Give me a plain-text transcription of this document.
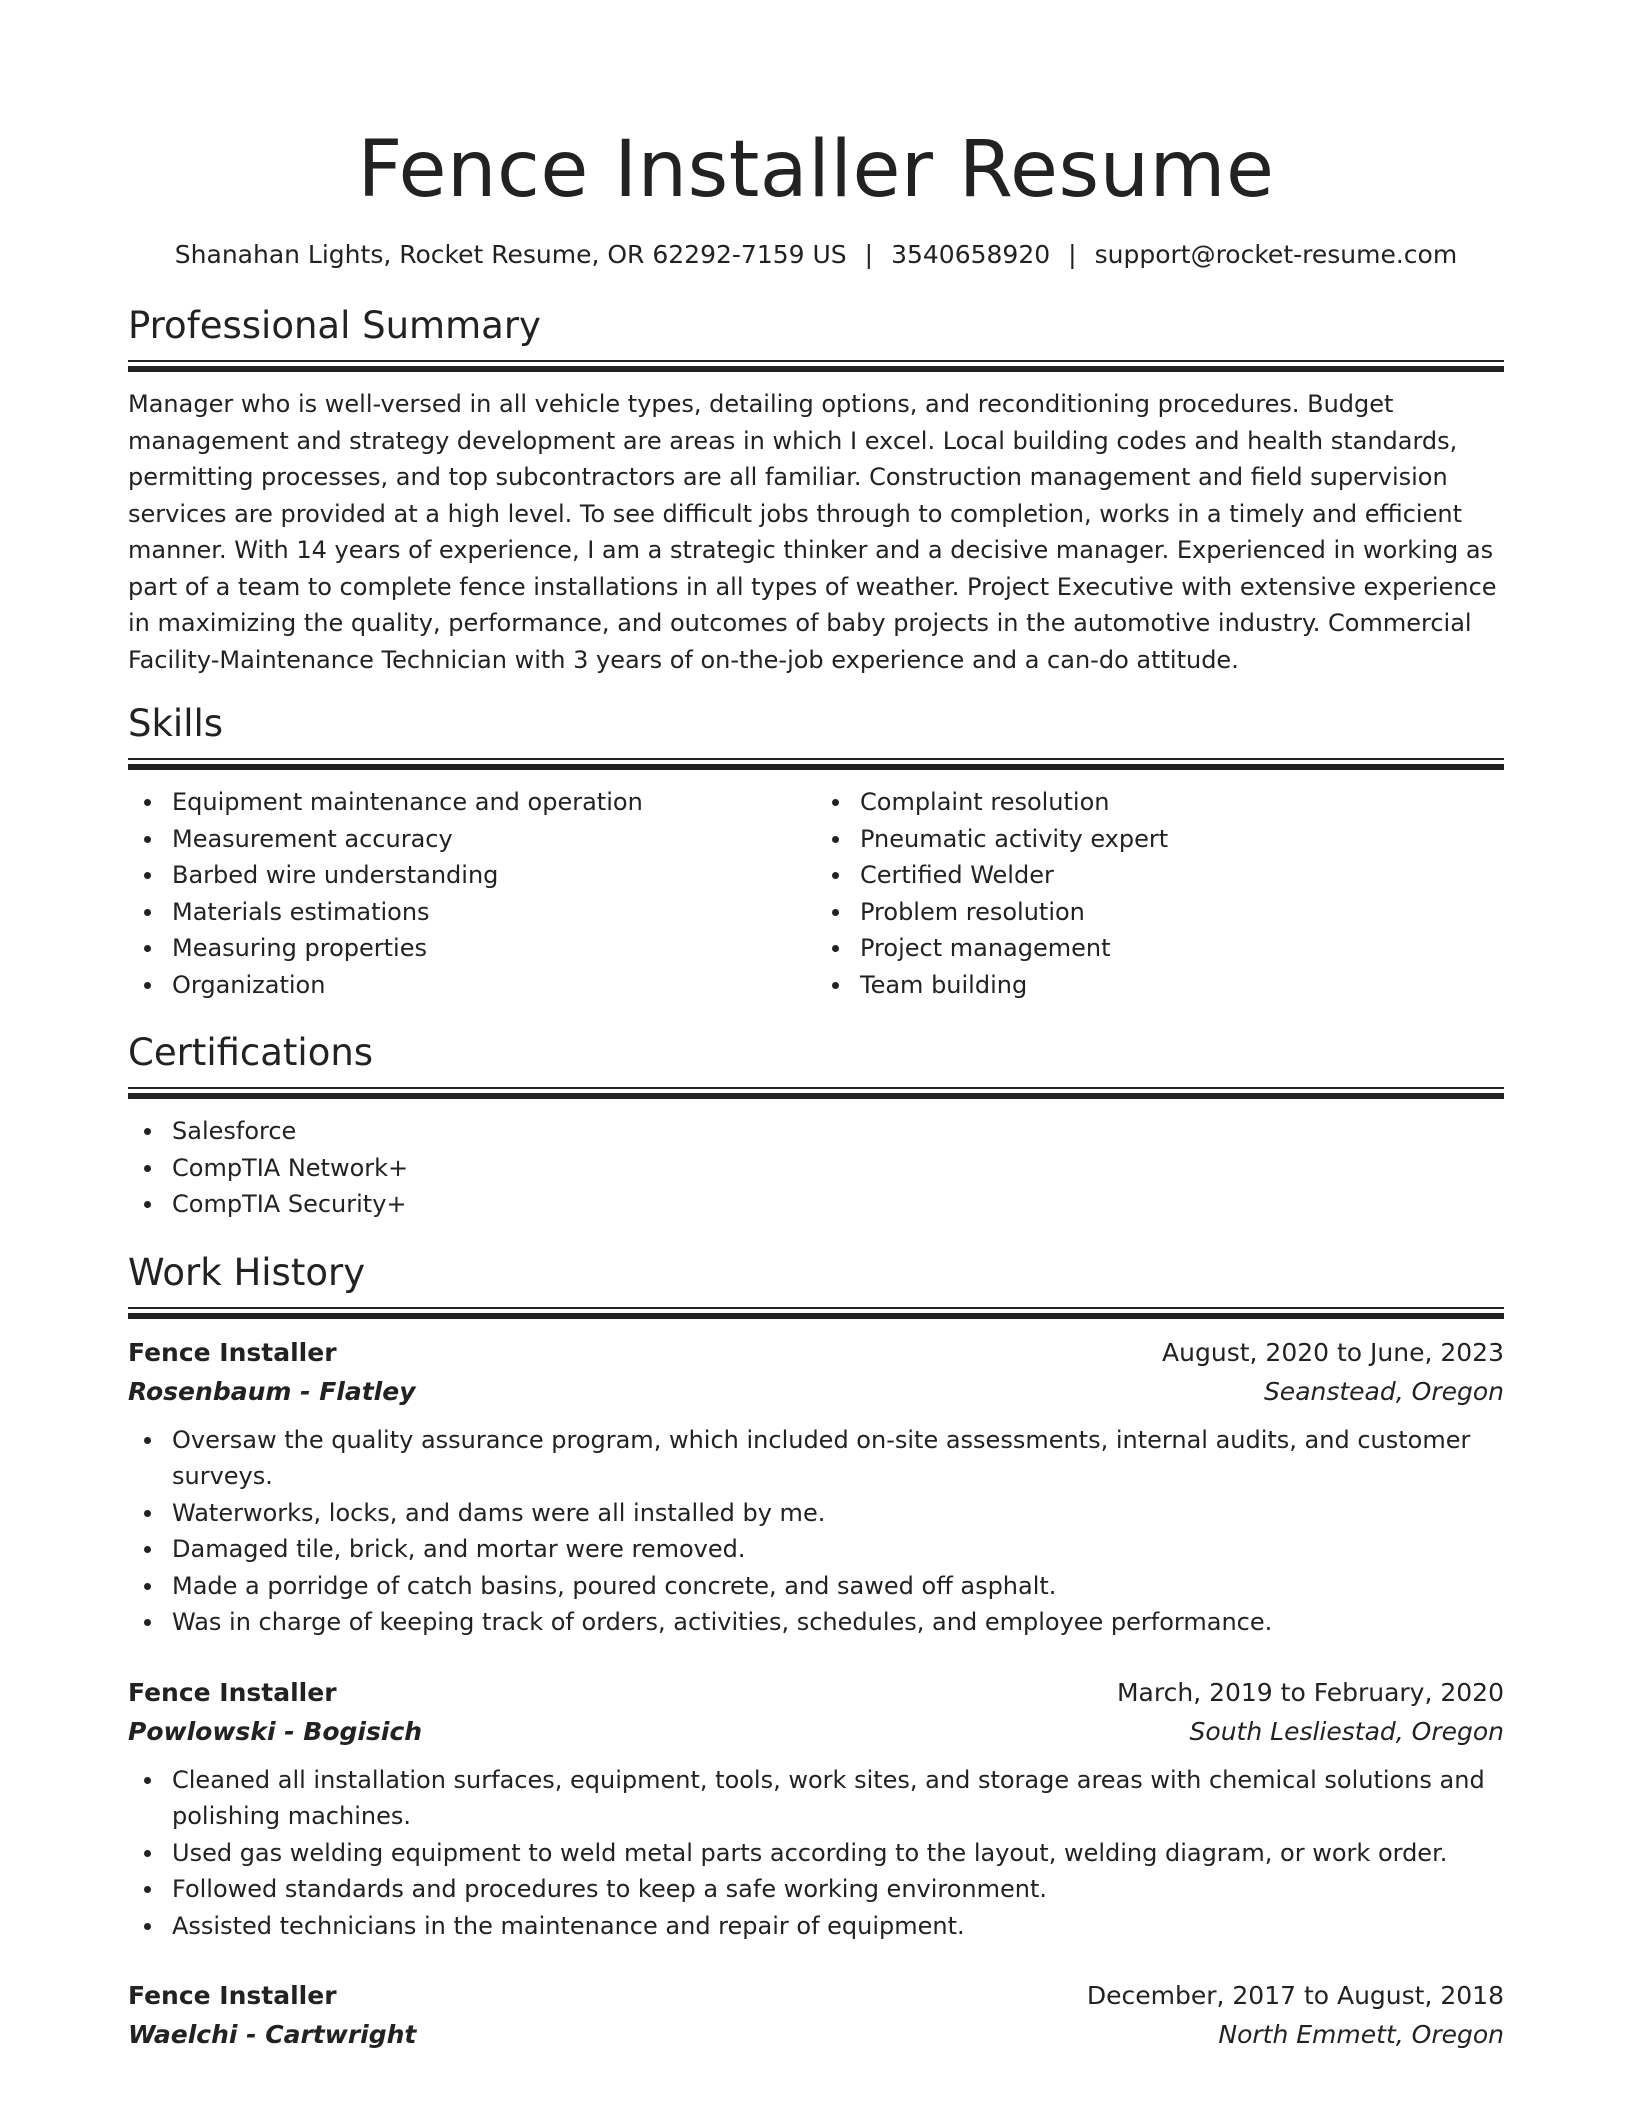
Fence Installer Resume
Shanahan Lights, Rocket Resume, OR 62292-7159 US | 3540658920 | support@rocket-resume.com
Professional Summary

Manager who is well-versed in all vehicle types, detailing options, and reconditioning procedures. Budget management and strategy development are areas in which I excel. Local building codes and health standards, permitting processes, and top subcontractors are all familiar. Construction management and field supervision services are provided at a high level. To see difficult jobs through to completion, works in a timely and efficient manner. With 14 years of experience, I am a strategic thinker and a decisive manager. Experienced in working as part of a team to complete fence installations in all types of weather. Project Executive with extensive experience in maximizing the quality, performance, and outcomes of baby projects in the automotive industry. Commercial Facility-Maintenance Technician with 3 years of on-the-job experience and a can-do attitude.

Skills
Equipment maintenance and operation
Measurement accuracy
Barbed wire understanding
Materials estimations
Measuring properties
Organization
Complaint resolution
Pneumatic activity expert
Certified Welder
Problem resolution
Project management
Team building
Certifications
Salesforce
CompTIA Network+
CompTIA Security+
Work History
Fence Installer	August, 2020 to June, 2023
Rosenbaum - Flatley	Seanstead, Oregon
Oversaw the quality assurance program, which included on-site assessments, internal audits, and customer surveys.
Waterworks, locks, and dams were all installed by me.
Damaged tile, brick, and mortar were removed.
Made a porridge of catch basins, poured concrete, and sawed off asphalt.
Was in charge of keeping track of orders, activities, schedules, and employee performance.
Fence Installer	March, 2019 to February, 2020
Powlowski - Bogisich	South Lesliestad, Oregon
Cleaned all installation surfaces, equipment, tools, work sites, and storage areas with chemical solutions and polishing machines.
Used gas welding equipment to weld metal parts according to the layout, welding diagram, or work order.
Followed standards and procedures to keep a safe working environment.
Assisted technicians in the maintenance and repair of equipment.
Fence Installer	December, 2017 to August, 2018
Waelchi - Cartwright	North Emmett, Oregon
